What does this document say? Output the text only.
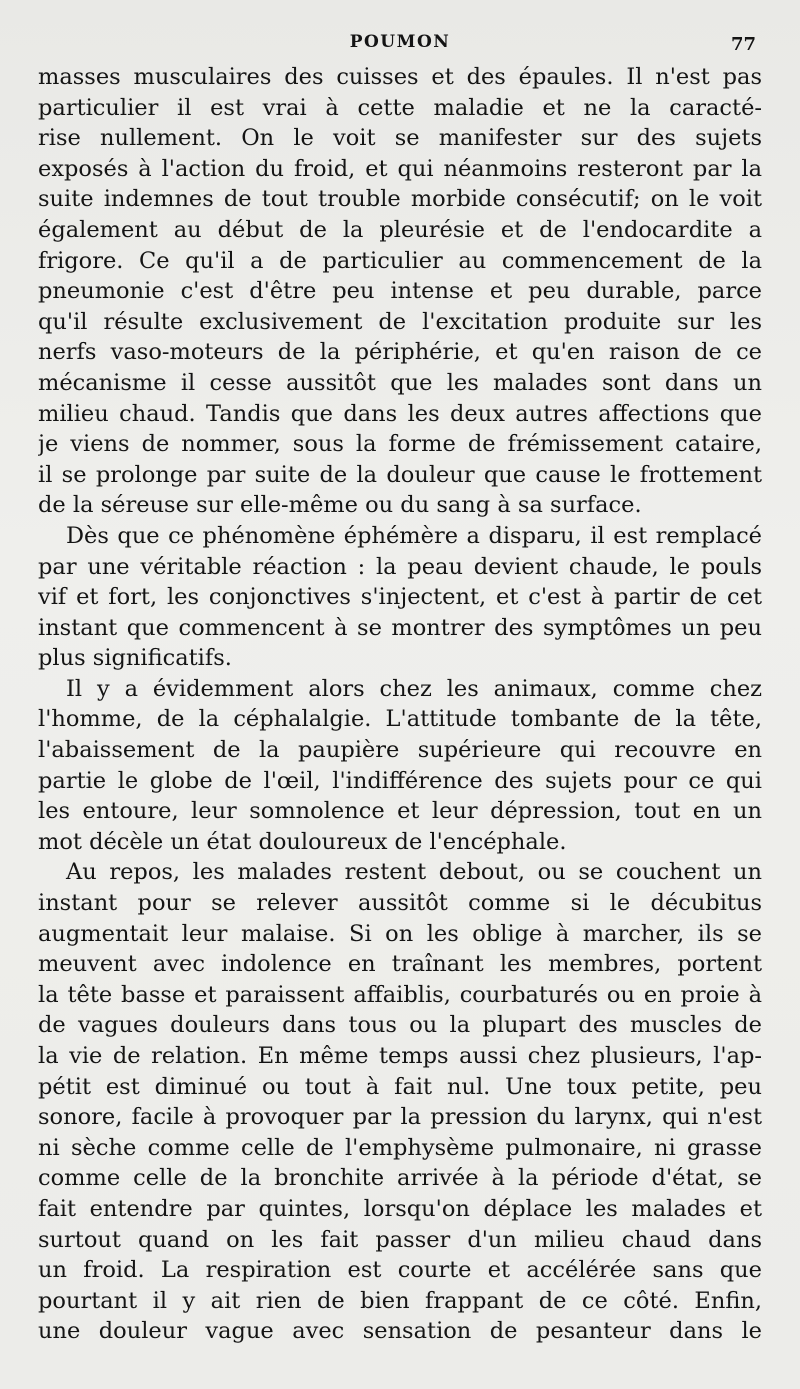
POUMON	77
masses musculaires des cuisses et des épaules. Il n'est pas
particulier il est vrai à cette maladie et ne la caracté-
rise nullement. On le voit se manifester sur des sujets
exposés à l'action du froid, et qui néanmoins resteront par la
suite indemnes de tout trouble morbide consécutif; on le voit
également au début de la pleurésie et de l'endocardite a
frigore. Ce qu'il a de particulier au commencement de la
pneumonie c'est d'être peu intense et peu durable, parce
qu'il résulte exclusivement de l'excitation produite sur les
nerfs vaso-moteurs de la périphérie, et qu'en raison de ce
mécanisme il cesse aussitôt que les malades sont dans un
milieu chaud. Tandis que dans les deux autres affections que
je viens de nommer, sous la forme de frémissement cataire,
il se prolonge par suite de la douleur que cause le frottement
de la séreuse sur elle-même ou du sang à sa surface.
Dès que ce phénomène éphémère a disparu, il est remplacé
par une véritable réaction : la peau devient chaude, le pouls
vif et fort, les conjonctives s'injectent, et c'est à partir de cet
instant que commencent à se montrer des symptômes un peu
plus significatifs.
Il y a évidemment alors chez les animaux, comme chez
l'homme, de la céphalalgie. L'attitude tombante de la tête,
l'abaissement de la paupière supérieure qui recouvre en
partie le globe de l'œil, l'indifférence des sujets pour ce qui
les entoure, leur somnolence et leur dépression, tout en un
mot décèle un état douloureux de l'encéphale.
Au repos, les malades restent debout, ou se couchent un
instant pour se relever aussitôt comme si le décubitus
augmentait leur malaise. Si on les oblige à marcher, ils se
meuvent avec indolence en traînant les membres, portent
la tête basse et paraissent affaiblis, courbaturés ou en proie à
de vagues douleurs dans tous ou la plupart des muscles de
la vie de relation. En même temps aussi chez plusieurs, l'ap-
pétit est diminué ou tout à fait nul. Une toux petite, peu
sonore, facile à provoquer par la pression du larynx, qui n'est
ni sèche comme celle de l'emphysème pulmonaire, ni grasse
comme celle de la bronchite arrivée à la période d'état, se
fait entendre par quintes, lorsqu'on déplace les malades et
surtout quand on les fait passer d'un milieu chaud dans
un froid. La respiration est courte et accélérée sans que
pourtant il y ait rien de bien frappant de ce côté. Enfin,
une douleur vague avec sensation de pesanteur dans le
